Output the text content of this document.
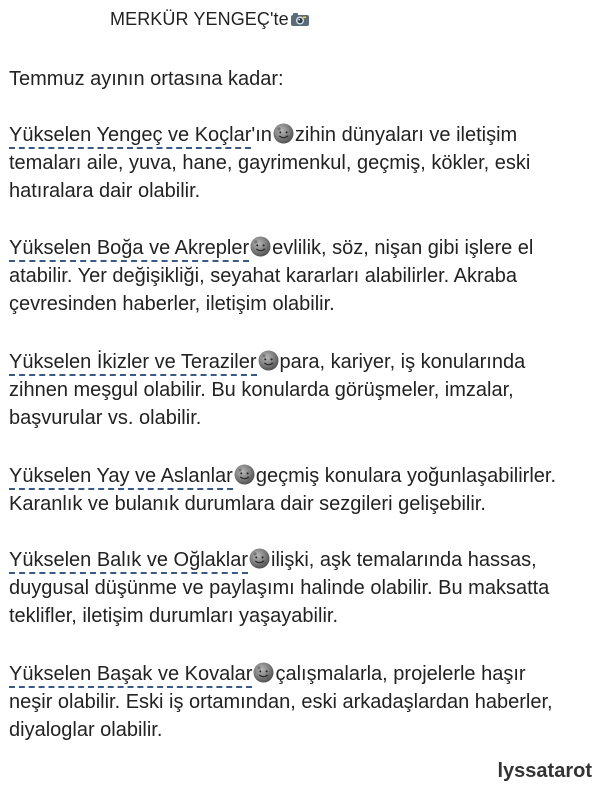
MERKÜR YENGEÇ'te
Temmuz ayının ortasına kadar:
Yükselen Yengeç ve Koçlar'ın zihin dünyaları ve iletişim
temaları aile, yuva, hane, gayrimenkul, geçmiş, kökler, eski
hatıralara dair olabilir.
Yükselen Boğa ve Akrepler evlilik, söz, nişan gibi işlere el
atabilir. Yer değişikliği, seyahat kararları alabilirler. Akraba
çevresinden haberler, iletişim olabilir.
Yükselen İkizler ve Teraziler para, kariyer, iş konularında
zihnen meşgul olabilir. Bu konularda görüşmeler, imzalar,
başvurular vs. olabilir.
Yükselen Yay ve Aslanlar geçmiş konulara yoğunlaşabilirler.
Karanlık ve bulanık durumlara dair sezgileri gelişebilir.
Yükselen Balık ve Oğlaklar ilişki, aşk temalarında hassas,
duygusal düşünme ve paylaşımı halinde olabilir. Bu maksatta
teklifler, iletişim durumları yaşayabilir.
Yükselen Başak ve Kovalar çalışmalarla, projelerle haşır
neşir olabilir. Eski iş ortamından, eski arkadaşlardan haberler,
diyaloglar olabilir.
lyssatarot
